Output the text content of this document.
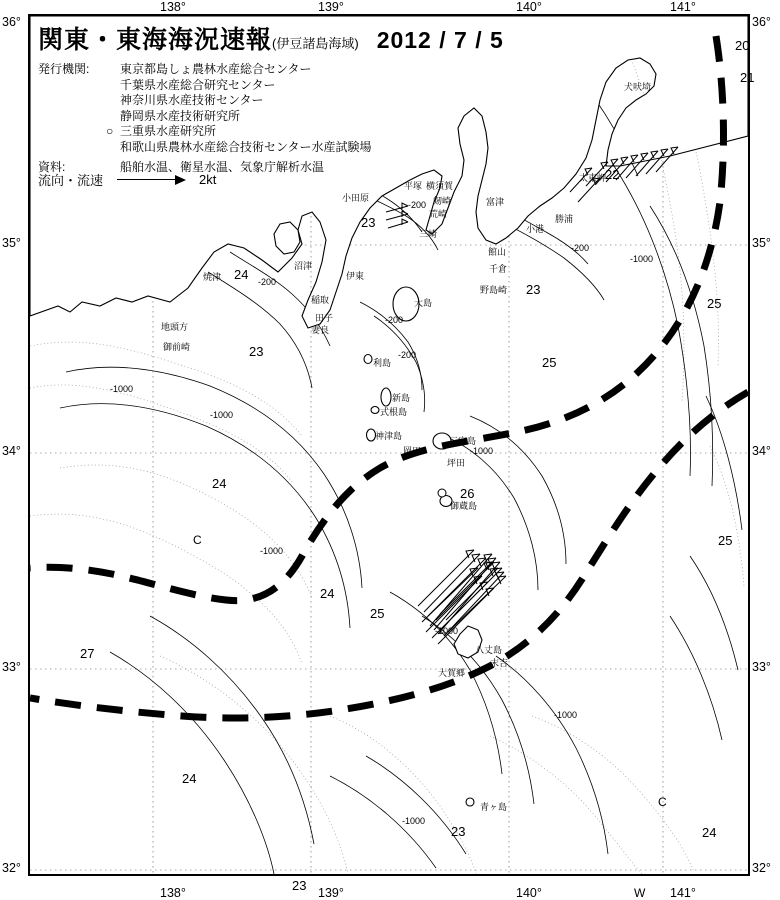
犬吠埼
太東岬
勝浦
小港
野島崎
千倉
館山
富津
横須賀
平塚
剱崎
荒崎
三崎
小田原
伊東
稲取
沼津
田子
妻良
御前崎
地頭方
焼津
大島
利島
新島
式根島
神津島	三宅島
坪田
御蔵島
八丈島
大賀郷
末吉
青ヶ島
岡田
20
21
22
23
23
23
24
24
24
25
25
25
25
26
27
24
23
23	24
C
C
W
-200
-200
-200
-200
-200
-1000
-1000
-1000
-1000
-1000
-1000
-1000
-1000
関東・東海海況速報 (伊豆諸島海域) 2012 / 7 / 5
発行機関:	東京都島しょ農林水産総合センター
千葉県水産総合研究センター
神奈川県水産技術センター
静岡県水産技術研究所
○ 三重県水産研究所
和歌山県農林水産総合技術センター水産試験場
資料:	船舶水温、衛星水温、気象庁解析水温
流向・流速	2kt
138°
138°
139°
139°
140°
140°
141°
141°
36°	36°
35°	35°
34°	34°
33°	33°
32°	32°
